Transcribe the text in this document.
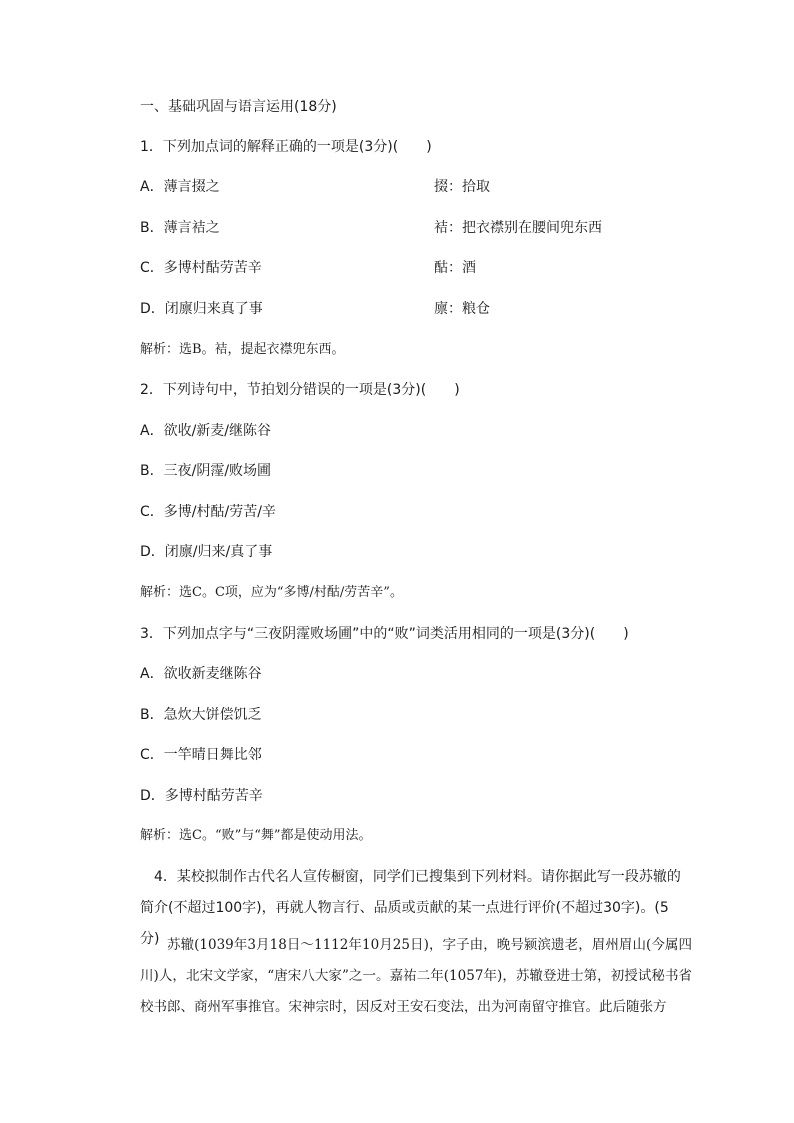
一、基础巩固与语言运用(18分)
1．下列加点词的解释正确的一项是(3分)(　　)
A．薄言掇之	掇：拾取
B．薄言袺之	袺：把衣襟别在腰间兜东西
C．多博村酤劳苦辛	酤：酒
D．闭廪归来真了事	廪：粮仓
解析：选B。袺，提起衣襟兜东西。
2．下列诗句中，节拍划分错误的一项是(3分)(　　)
A．欲收/新麦/继陈谷
B．三夜/阴霪/败场圃
C．多博/村酤/劳苦/辛
D．闭廪/归来/真了事
解析：选C。C项，应为“多博/村酤/劳苦辛”。
3．下列加点字与“三夜阴霪败场圃”中的“败”词类活用相同的一项是(3分)(　　)
A．欲收新麦继陈谷
B．急炊大饼偿饥乏
C．一竿晴日舞比邻
D．多博村酤劳苦辛
解析：选C。“败”与“舞”都是使动用法。
4．某校拟制作古代名人宣传橱窗，同学们已搜集到下列材料。请你据此写一段苏辙的简介(不超过100字)，再就人物言行、品质或贡献的某一点进行评价(不超过30字)。(5分) 苏辙(1039年3月18日～1112年10月25日)，字子由，晚号颍滨遗老，眉州眉山(今属四川)人，北宋文学家，“唐宋八大家”之一。嘉祐二年(1057年)，苏辙登进士第，初授试秘书省校书郎、商州军事推官。宋神宗时，因反对王安石变法，出为河南留守推官。此后随张方
